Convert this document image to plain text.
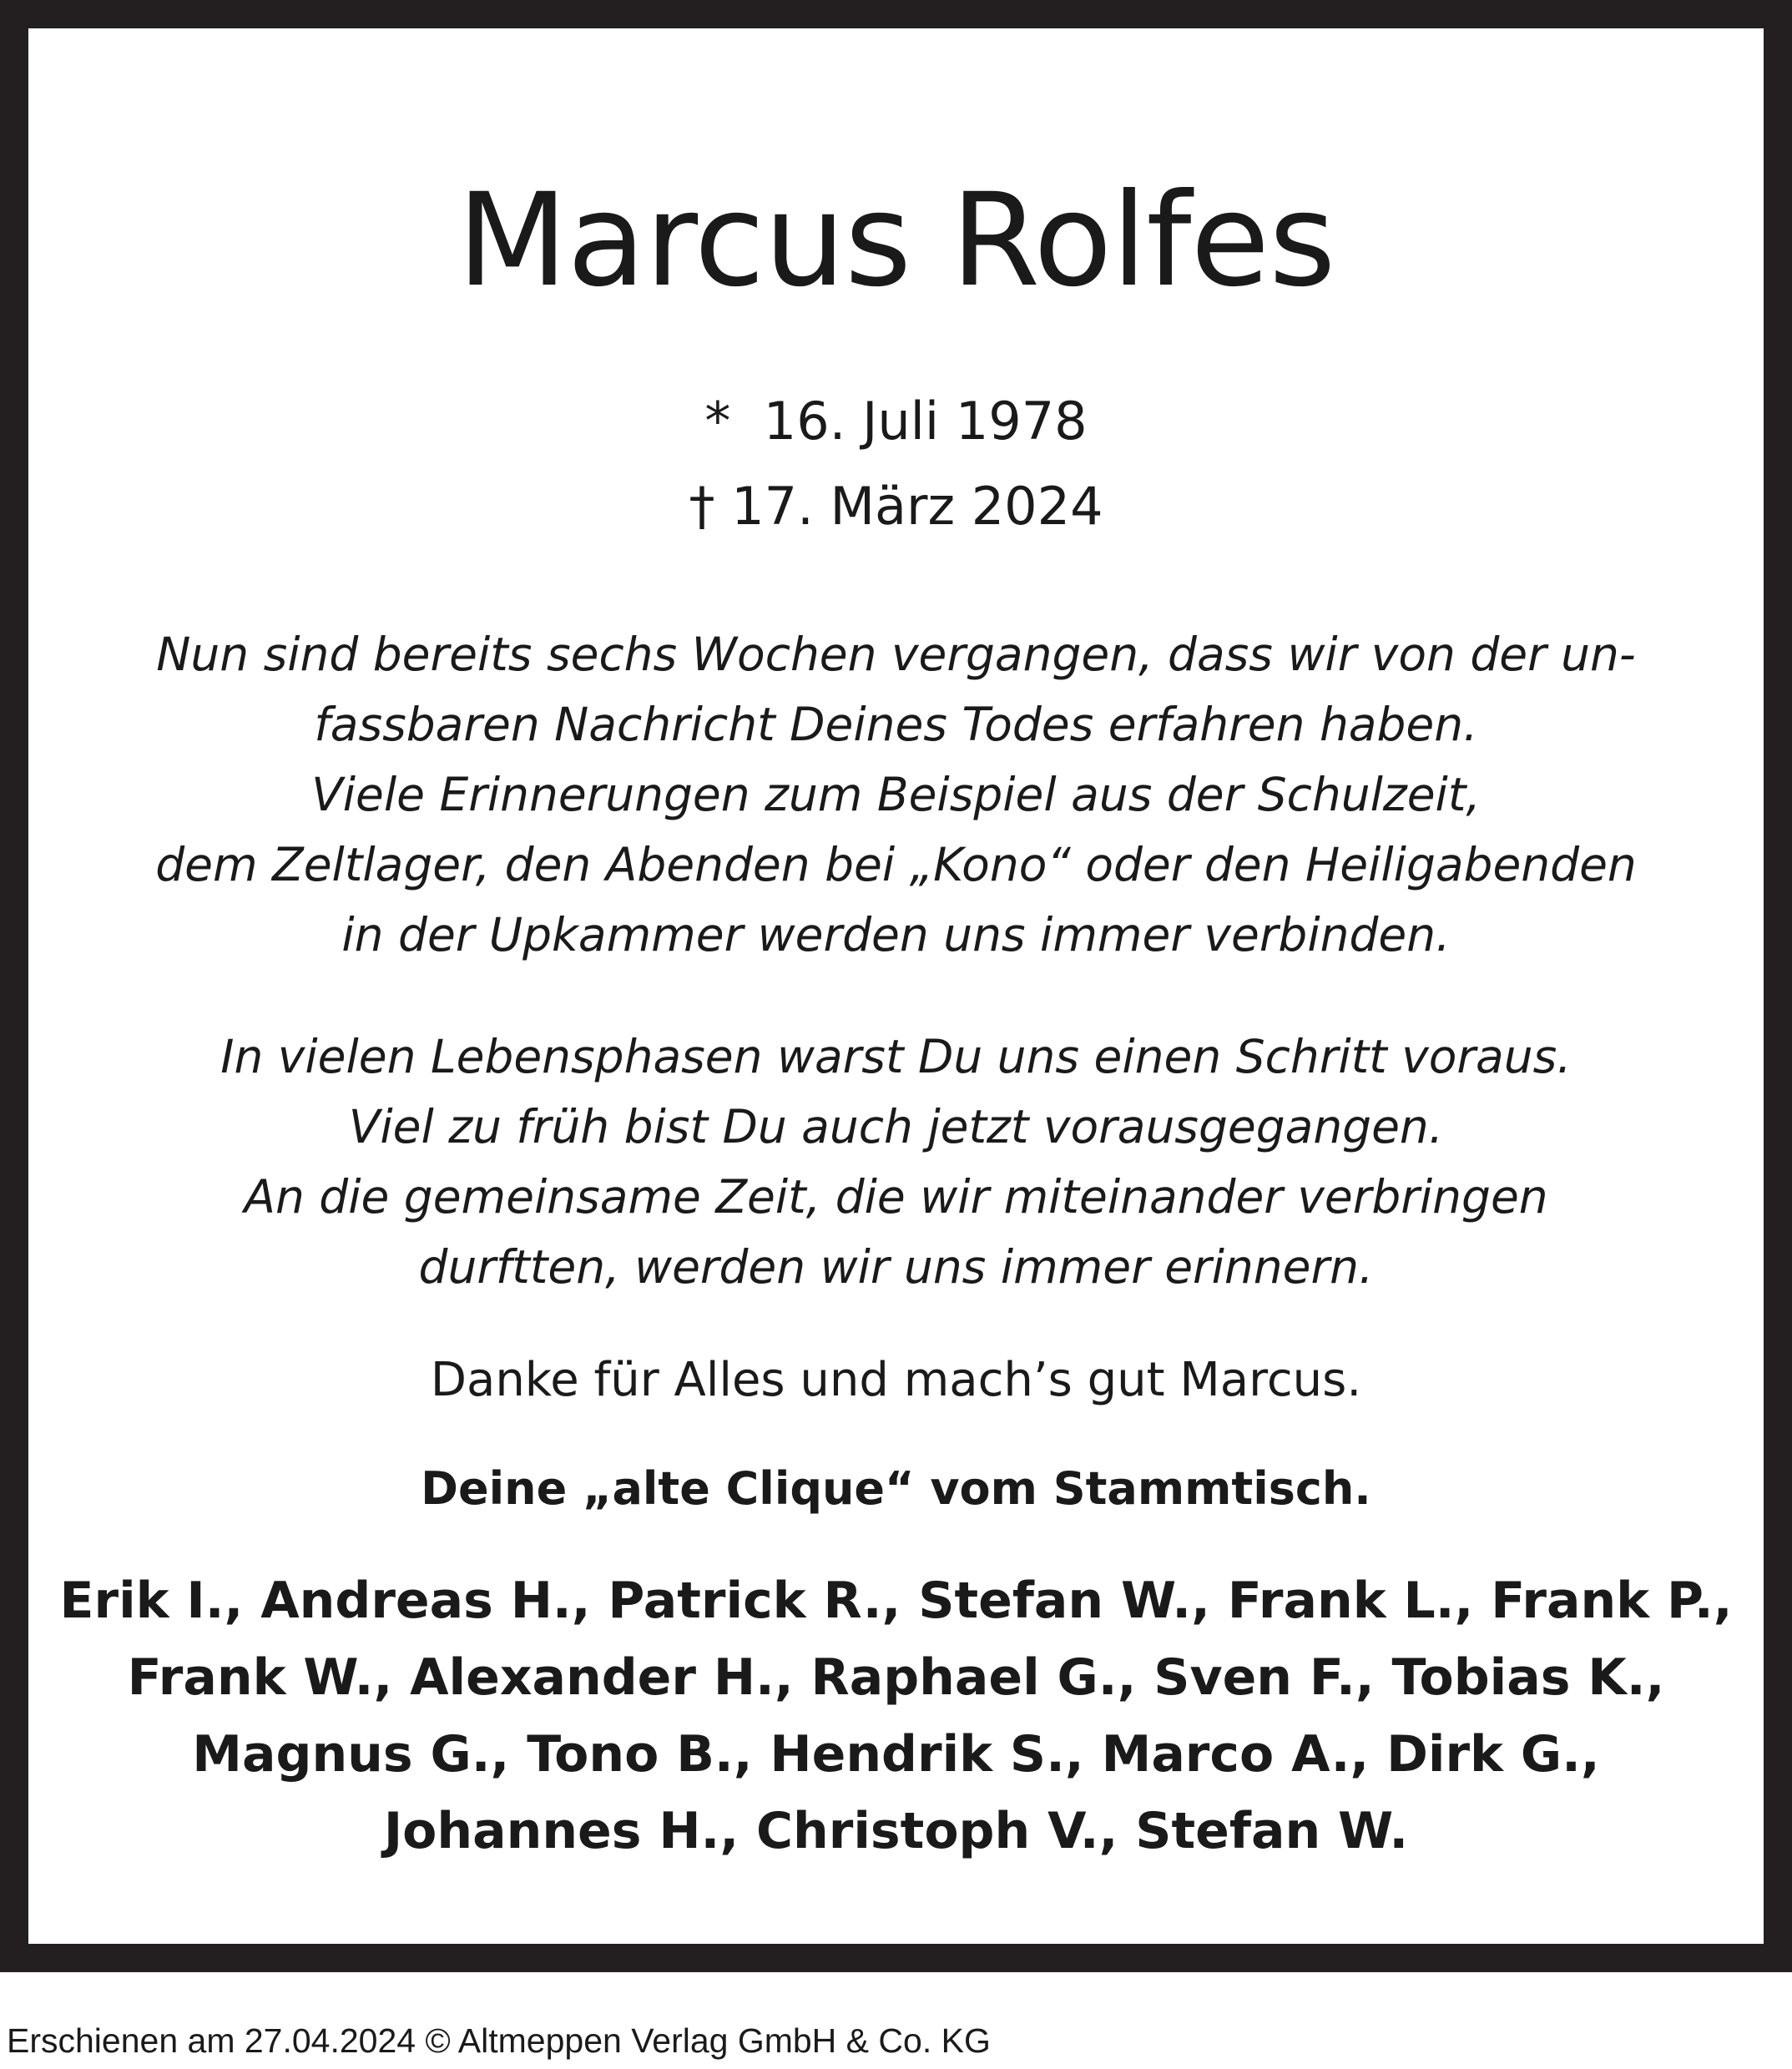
Marcus Rolfes
*  16. Juli 1978
† 17. März 2024
Nun sind bereits sechs Wochen vergangen, dass wir von der un-
fassbaren Nachricht Deines Todes erfahren haben.
Viele Erinnerungen zum Beispiel aus der Schulzeit,
dem Zeltlager, den Abenden bei „Kono“ oder den Heiligabenden
in der Upkammer werden uns immer verbinden.
In vielen Lebensphasen warst Du uns einen Schritt voraus.
Viel zu früh bist Du auch jetzt vorausgegangen.
An die gemeinsame Zeit, die wir miteinander verbringen
durftten, werden wir uns immer erinnern.
Danke für Alles und mach’s gut Marcus.
Deine „alte Clique“ vom Stammtisch.
Erik I., Andreas H., Patrick R., Stefan W., Frank L., Frank P.,
Frank W., Alexander H., Raphael G., Sven F., Tobias K.,
Magnus G., Tono B., Hendrik S., Marco A., Dirk G.,
Johannes H., Christoph V., Stefan W.
Erschienen am 27.04.2024 © Altmeppen Verlag GmbH & Co. KG
